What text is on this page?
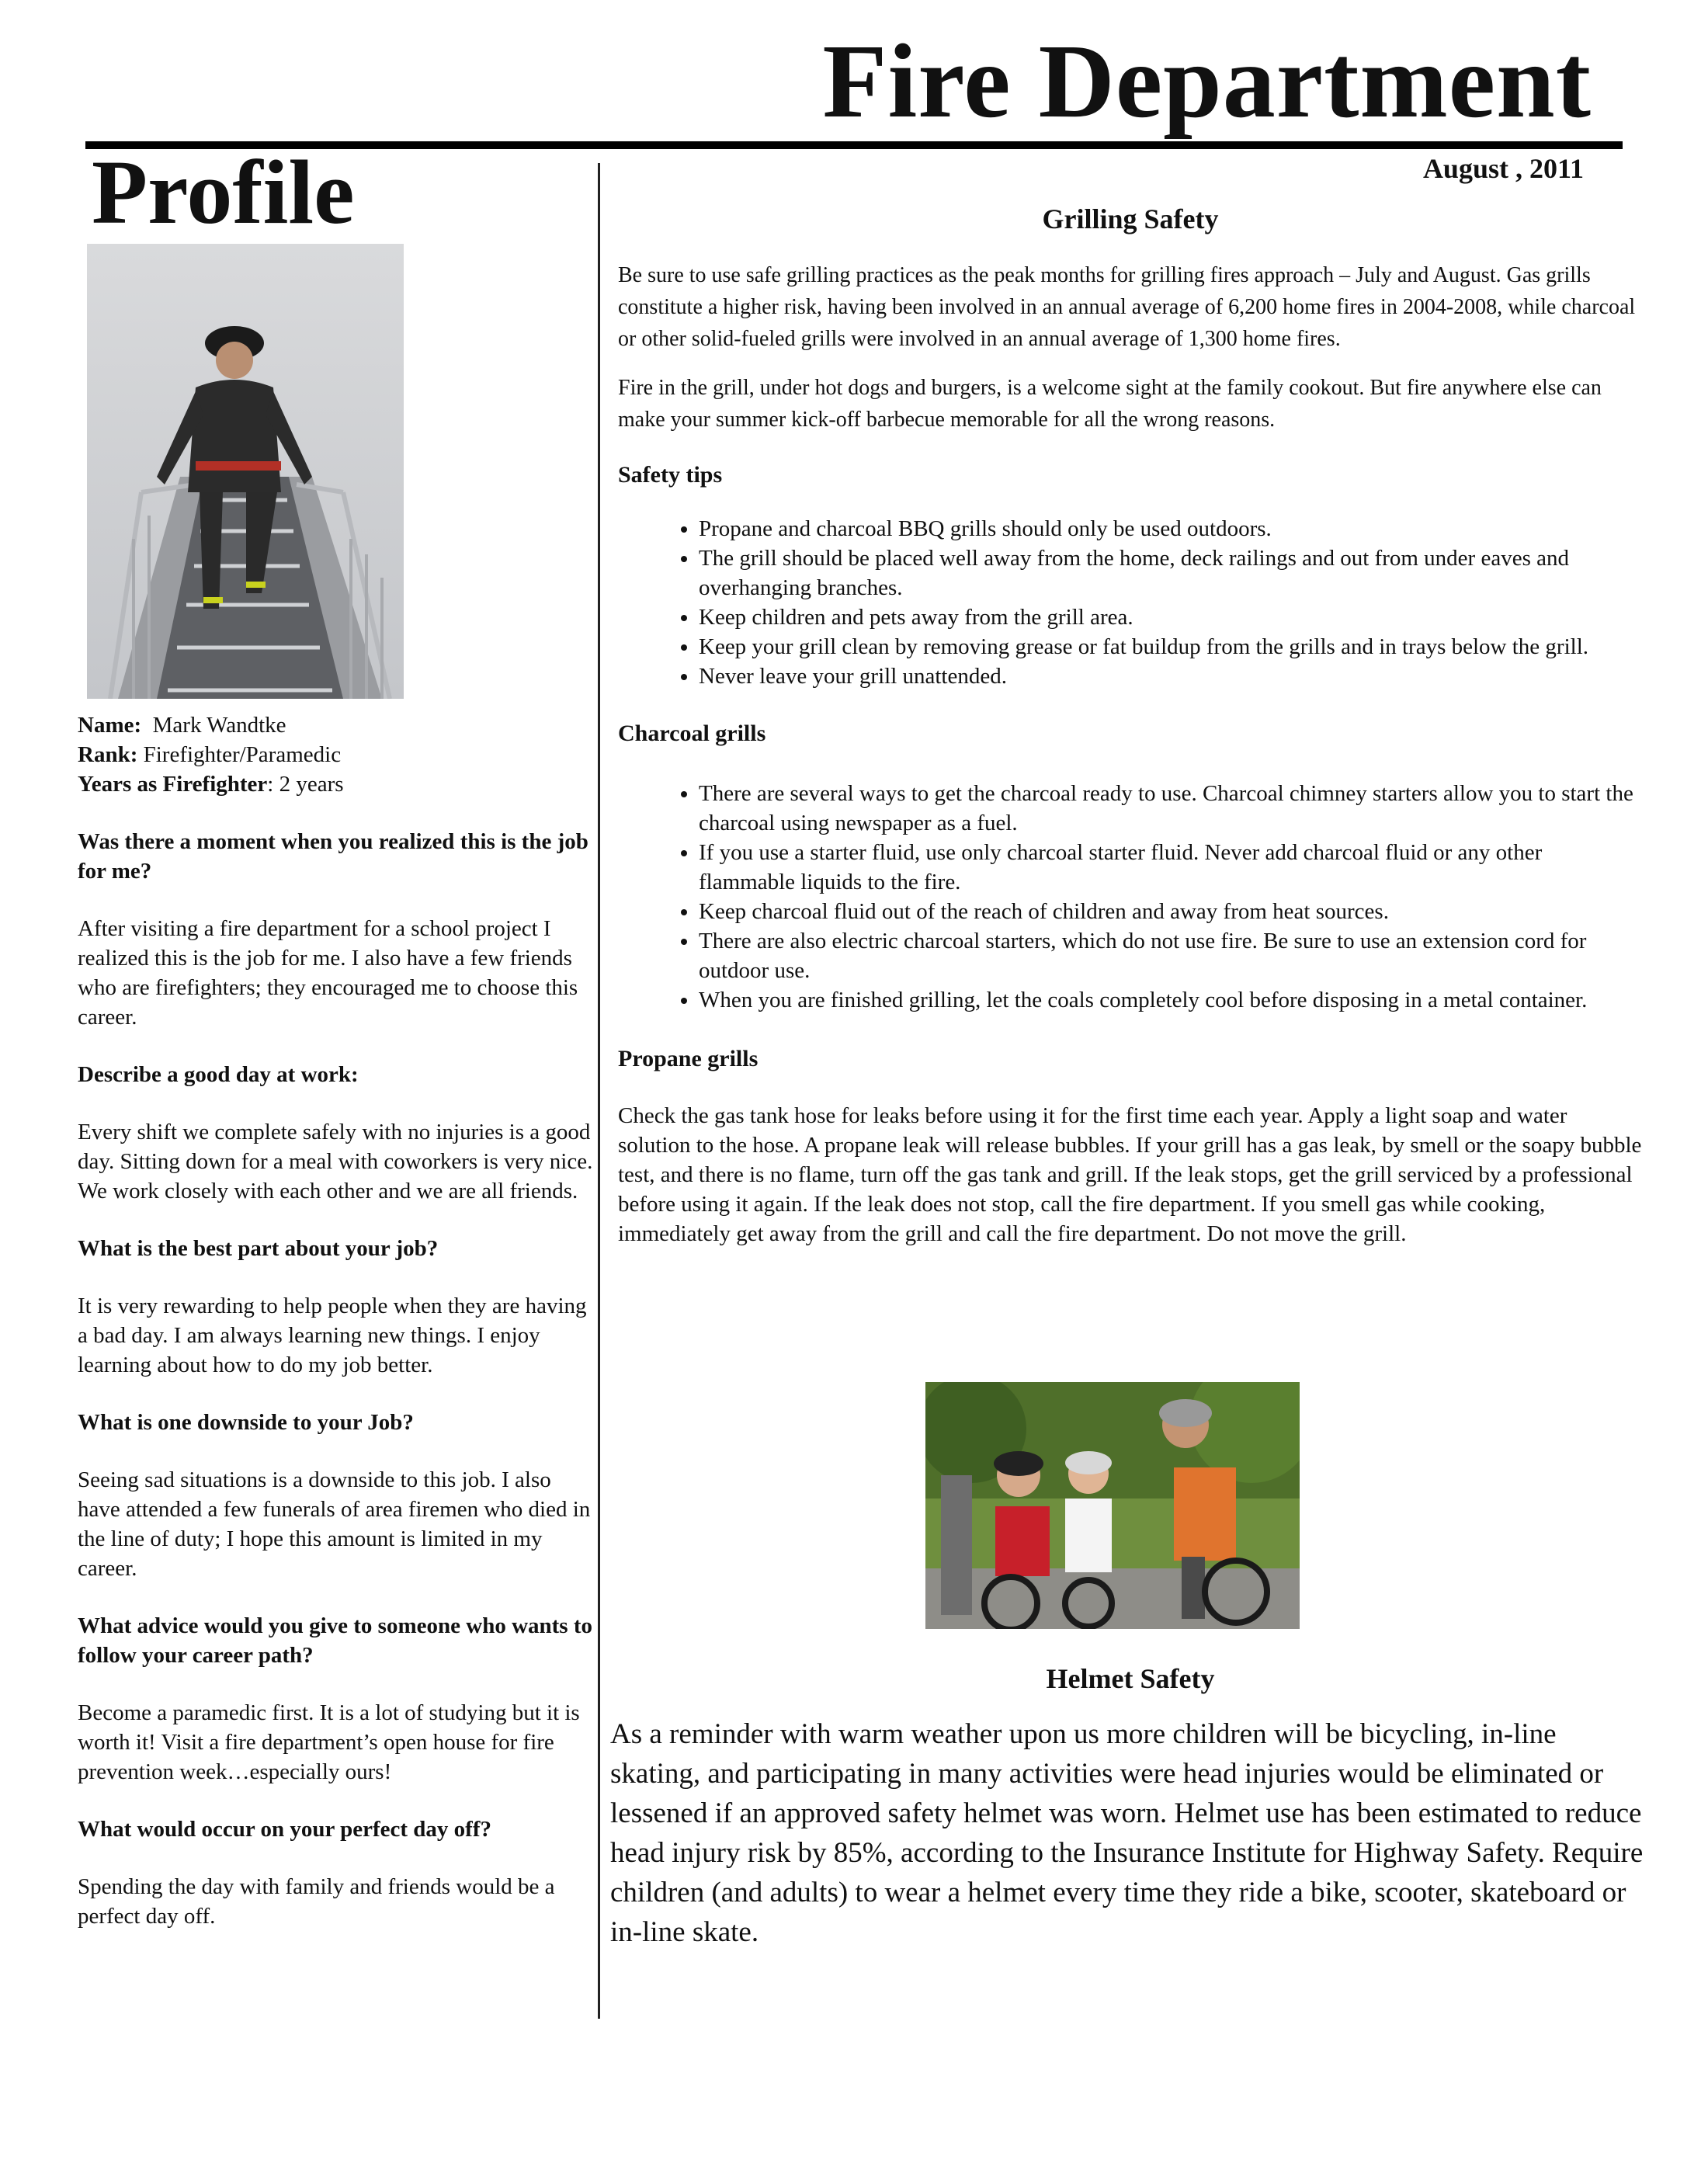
Fire Department
Profile	August , 2011

Name: Mark Wandtke

Rank: Firefighter/Paramedic

Years as Firefighter: 2 years

Was there a moment when you realized this is the job for me?

After visiting a fire department for a school project I realized this is the job for me. I also have a few friends who are firefighters; they encouraged me to choose this career.

Describe a good day at work:

Every shift we complete safely with no injuries is a good day. Sitting down for a meal with coworkers is very nice. We work closely with each other and we are all friends.

What is the best part about your job?

It is very rewarding to help people when they are having a bad day. I am always learning new things. I enjoy learning about how to do my job better.

What is one downside to your Job?

Seeing sad situations is a downside to this job. I also have attended a few funerals of area firemen who died in the line of duty; I hope this amount is limited in my career.

What advice would you give to someone who wants to follow your career path?

Become a paramedic first. It is a lot of studying but it is worth it! Visit a fire department’s open house for fire prevention week…especially ours!

What would occur on your perfect day off?

Spending the day with family and friends would be a perfect day off.

Grilling Safety

Be sure to use safe grilling practices as the peak months for grilling fires approach – July and August. Gas grills constitute a higher risk, having been involved in an annual average of 6,200 home fires in 2004-2008, while charcoal or other solid-fueled grills were involved in an annual average of 1,300 home fires.

Fire in the grill, under hot dogs and burgers, is a welcome sight at the family cookout. But fire anywhere else can make your summer kick-off barbecue memorable for all the wrong reasons.

Safety tips

• Propane and charcoal BBQ grills should only be used outdoors.
• The grill should be placed well away from the home, deck railings and out from under eaves and overhanging branches.
• Keep children and pets away from the grill area.
• Keep your grill clean by removing grease or fat buildup from the grills and in trays below the grill.
• Never leave your grill unattended.

Charcoal grills

• There are several ways to get the charcoal ready to use. Charcoal chimney starters allow you to start the charcoal using newspaper as a fuel.
• If you use a starter fluid, use only charcoal starter fluid. Never add charcoal fluid or any other flammable liquids to the fire.
• Keep charcoal fluid out of the reach of children and away from heat sources.
• There are also electric charcoal starters, which do not use fire. Be sure to use an extension cord for outdoor use.
• When you are finished grilling, let the coals completely cool before disposing in a metal container.

Propane grills

Check the gas tank hose for leaks before using it for the first time each year. Apply a light soap and water solution to the hose. A propane leak will release bubbles. If your grill has a gas leak, by smell or the soapy bubble test, and there is no flame, turn off the gas tank and grill. If the leak stops, get the grill serviced by a professional before using it again. If the leak does not stop, call the fire department. If you smell gas while cooking, immediately get away from the grill and call the fire department. Do not move the grill.

Helmet Safety

As a reminder with warm weather upon us more children will be bicycling, in-line skating, and participating in many activities were head injuries would be eliminated or lessened if an approved safety helmet was worn. Helmet use has been estimated to reduce head injury risk by 85%, according to the Insurance Institute for Highway Safety. Require children (and adults) to wear a helmet every time they ride a bike, scooter, skateboard or in-line skate.
